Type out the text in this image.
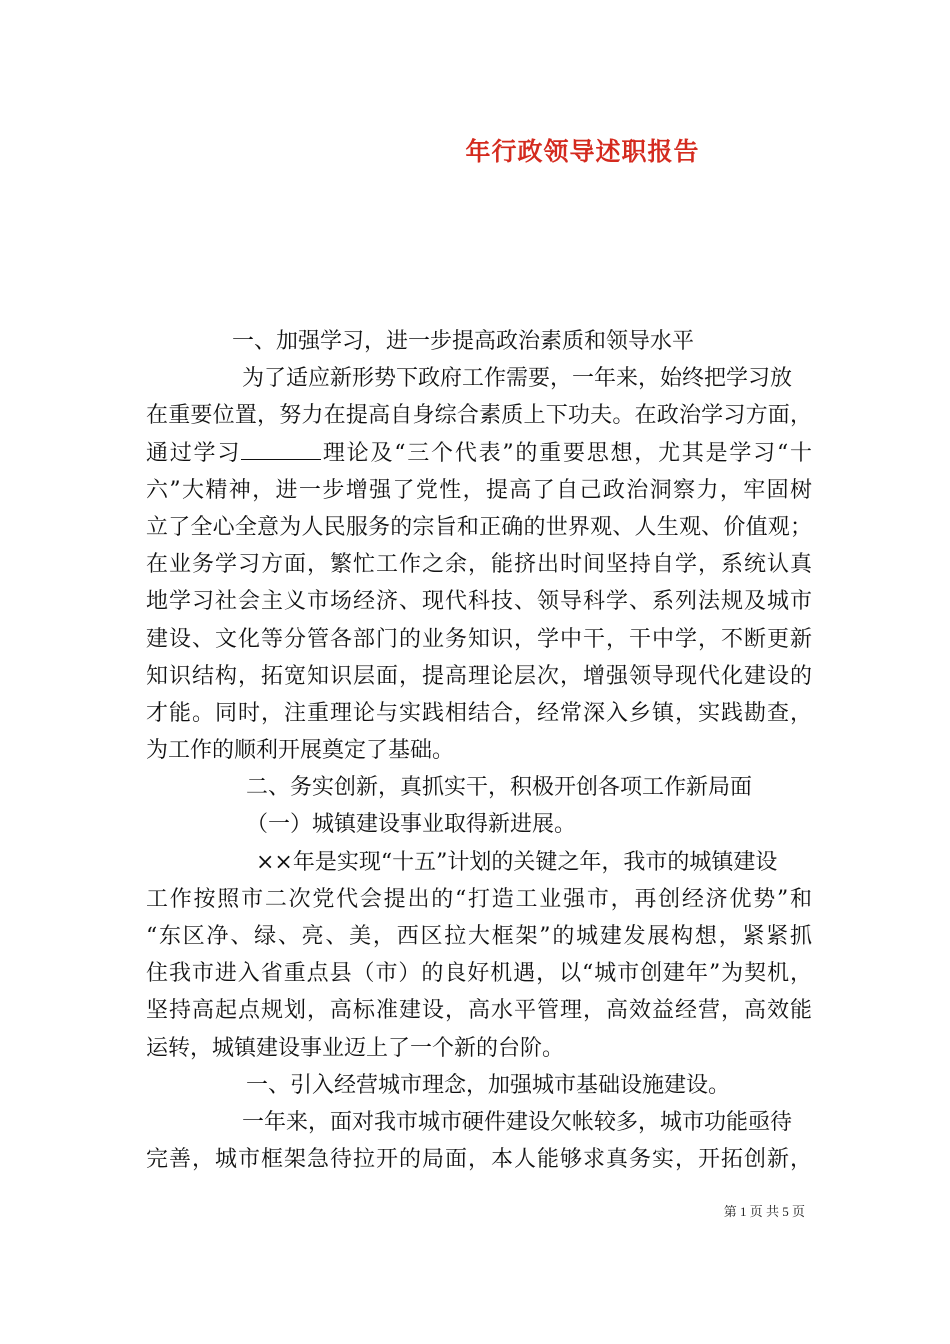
年行政领导述职报告

一、加强学习，进一步提高政治素质和领导水平

为了适应新形势下政府工作需要，一年来，始终把学习放

在重要位置，努力在提高自身综合素质上下功夫。在政治学习方面，

通过学习	理论及“三个代表”的重要思想，尤其是学习“十

六”大精神，进一步增强了党性，提高了自己政治洞察力，牢固树

立了全心全意为人民服务的宗旨和正确的世界观、人生观、价值观；

在业务学习方面，繁忙工作之余，能挤出时间坚持自学，系统认真

地学习社会主义市场经济、现代科技、领导科学、系列法规及城市

建设、文化等分管各部门的业务知识，学中干，干中学，不断更新

知识结构，拓宽知识层面，提高理论层次，增强领导现代化建设的

才能。同时，注重理论与实践相结合，经常深入乡镇，实践勘查，

为工作的顺利开展奠定了基础。

二、务实创新，真抓实干，积极开创各项工作新局面

（一）城镇建设事业取得新进展。

××年是实现“十五”计划的关键之年，我市的城镇建设

工作按照市二次党代会提出的“打造工业强市，再创经济优势”和

“东区净、绿、亮、美，西区拉大框架”的城建发展构想，紧紧抓

住我市进入省重点县（市）的良好机遇，以“城市创建年”为契机，

坚持高起点规划，高标准建设，高水平管理，高效益经营，高效能

运转，城镇建设事业迈上了一个新的台阶。

一、引入经营城市理念，加强城市基础设施建设。

一年来，面对我市城市硬件建设欠帐较多，城市功能亟待

完善，城市框架急待拉开的局面，本人能够求真务实，开拓创新，

第 1 页 共 5 页
